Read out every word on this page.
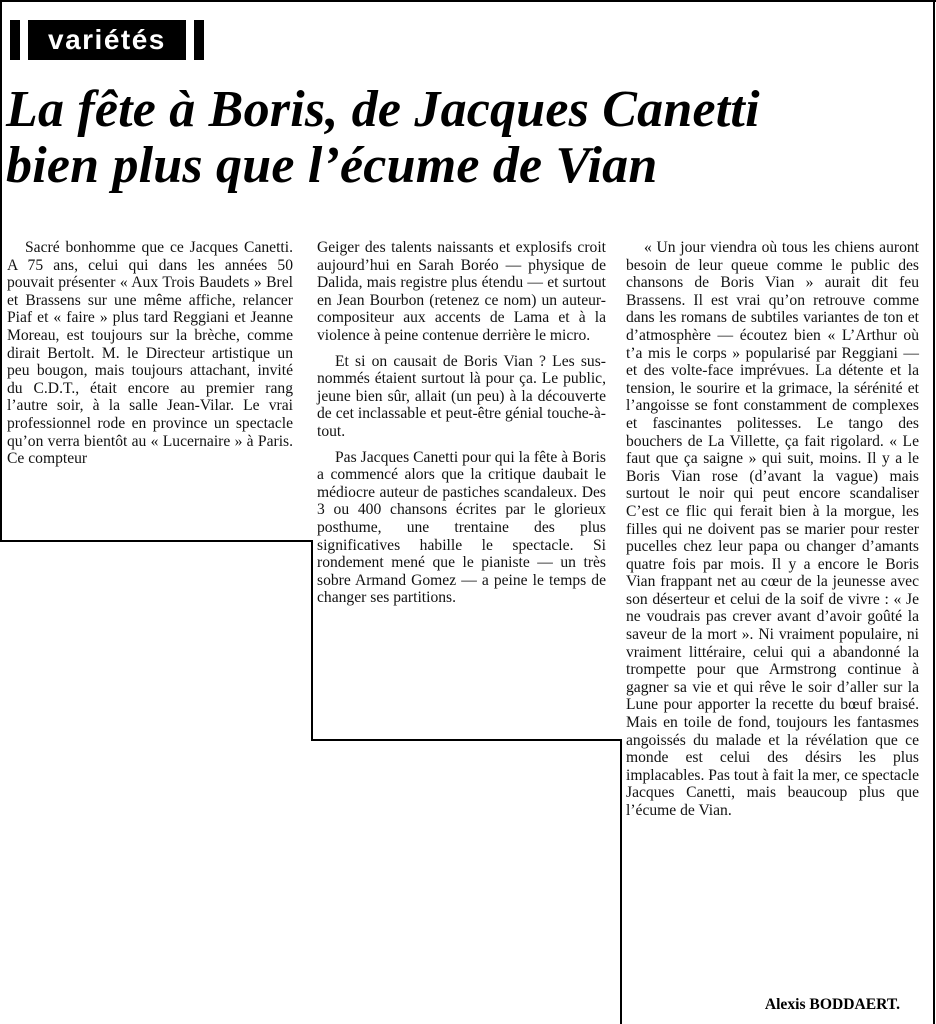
variétés
La fête à Boris, de Jacques Canetti
bien plus que l’écume de Vian

Sacré bonhomme que ce Jacques Canetti. A 75 ans, celui qui dans les années 50 pouvait présenter « Aux Trois Baudets » Brel et Brassens sur une même affiche, relancer Piaf et « faire » plus tard Reggiani et Jeanne Moreau, est toujours sur la brèche, comme dirait Bertolt. M. le Directeur artistique un peu bougon, mais toujours attachant, invité du C.D.T., était encore au premier rang l’autre soir, à la salle Jean-Vilar. Le vrai professionnel rode en province un spectacle qu’on verra bientôt au « Lucernaire » à Paris. Ce compteur

Geiger des talents naissants et explosifs croit aujourd’hui en Sarah Boréo — physique de Dalida, mais registre plus étendu — et surtout en Jean Bourbon (retenez ce nom) un auteur-compositeur aux accents de Lama et à la violence à peine contenue derrière le micro.

Et si on causait de Boris Vian ? Les sus-nommés étaient surtout là pour ça. Le public, jeune bien sûr, allait (un peu) à la découverte de cet inclassable et peut-être génial touche-à-tout.

Pas Jacques Canetti pour qui la fête à Boris a commencé alors que la critique daubait le médiocre auteur de pastiches scandaleux. Des 3 ou 400 chansons écrites par le glorieux posthume, une trentaine des plus significatives habille le spectacle. Si rondement mené que le pianiste — un très sobre Armand Gomez — a peine le temps de changer ses partitions.

« Un jour viendra où tous les chiens auront besoin de leur queue comme le public des chansons de Boris Vian » aurait dit feu Brassens. Il est vrai qu’on retrouve comme dans les romans de subtiles variantes de ton et d’atmosphère — écoutez bien « L’Arthur où t’a mis le corps » popularisé par Reggiani — et des volte-face imprévues. La détente et la tension, le sourire et la grimace, la sérénité et l’angoisse se font constamment de complexes et fascinantes politesses. Le tango des bouchers de La Villette, ça fait rigolard. « Le faut que ça saigne » qui suit, moins. Il y a le Boris Vian rose (d’avant la vague) mais surtout le noir qui peut encore scandaliser C’est ce flic qui ferait bien à la morgue, les filles qui ne doivent pas se marier pour rester pucelles chez leur papa ou changer d’amants quatre fois par mois. Il y a encore le Boris Vian frappant net au cœur de la jeunesse avec son déserteur et celui de la soif de vivre : « Je ne voudrais pas crever avant d’avoir goûté la saveur de la mort ». Ni vraiment populaire, ni vraiment littéraire, celui qui a abandonné la trompette pour que Armstrong continue à gagner sa vie et qui rêve le soir d’aller sur la Lune pour apporter la recette du bœuf braisé. Mais en toile de fond, toujours les fantasmes angoissés du malade et la révélation que ce monde est celui des désirs les plus implacables. Pas tout à fait la mer, ce spectacle Jacques Canetti, mais beaucoup plus que l’écume de Vian.

Alexis BODDAERT.
